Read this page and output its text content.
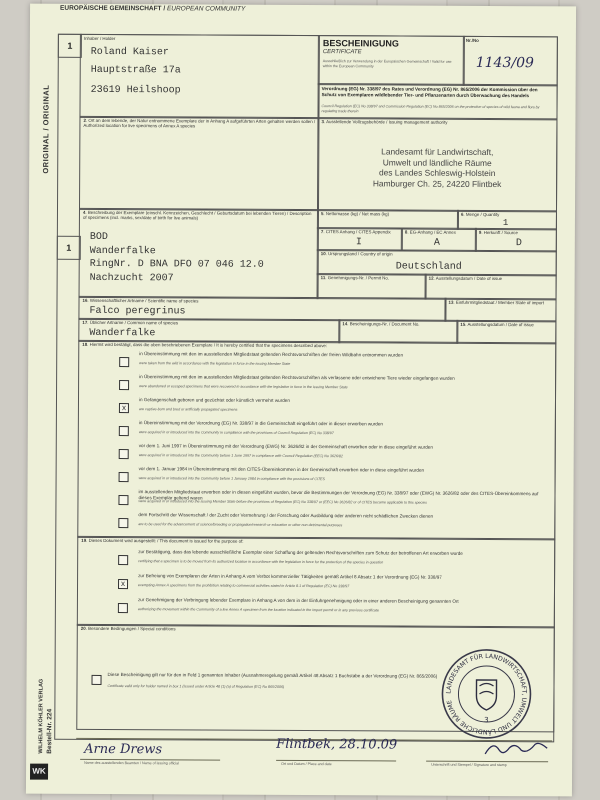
EUROPÄISCHE GEMEINSCHAFT / EUROPEAN COMMUNITY
1
1
ORIGINAL / ORIGINAL
Inhaber / Holder
Roland Kaiser
Hauptstraße 17a
23619 Heilshoop
BESCHEINIGUNG
CERTIFICATE
Ausschließlich zur Verwendung in der Europäischen Gemeinschaft / Valid for use within the European Community
Nr./No
1143/09
Verordnung (EG) Nr. 338/97 des Rates und Verordnung (EG) Nr. 865/2006 der Kommission über den Schutz von Exemplaren wildlebender Tier- und Pflanzenarten durch Überwachung des Handels
Council Regulation (EC) No 338/97 and Commission Regulation (EC) No 865/2006 on the protection of species of wild fauna and flora by regulating trade therein
2. Ort an dem lebende, der Natur entnommene Exemplare der in Anhang A aufgeführten Arten gehalten werden sollen / Authorized location for live specimens of Annex A species
3. Ausstellende Vollzugsbehörde / Issuing management authority
Landesamt für Landwirtschaft,
Umwelt und ländliche Räume
des Landes Schleswig-Holstein
Hamburger Ch. 25, 24220 Flintbek
4. Beschreibung der Exemplare (einschl. Kennzeichen, Geschlecht / Geburtsdatum bei lebenden Tieren) / Description of specimens (incl. marks, sex/date of birth for live animals)
BOD
Wanderfalke
RingNr. D BNA DFO 07 046 12.0
Nachzucht 2007
5. Nettomasse (kg) / Net mass (kg)	6. Menge / Quantity
1
7. CITES Anhang / CITES Appendix
I
8. EG-Anhang / EC Annex
A
9. Herkunft / Source
D
10. Ursprungsland / Country of origin
Deutschland
11. Genehmigungs-Nr. / Permit No.	12. Ausstellungsdatum / Date of issue
16. Wissenschaftlicher Artname / Scientific name of species
Falco peregrinus
13. Einfuhrmitgliedstaat / Member State of import
17. Üblicher Artname / Common name of species
Wanderfalke
14. Bescheinigungs-Nr. / Document No.	15. Ausstellungsdatum / Date of issue
18. Hiermit wird bestätigt, dass die oben beschriebenen Exemplare / It is hereby certified that the specimens described above:
in Übereinstimmung mit den im ausstellenden Mitgliedstaat geltenden Rechtsvorschriften der freien Wildbahn entnommen wurden
were taken from the wild in accordance with the legislation in force in the issuing Member State
in Übereinstimmung mit den im ausstellenden Mitgliedstaat geltenden Rechtsvorschriften als verlassene oder entwichene Tiere wieder eingefangen wurden
were abandoned or escaped specimens that were recovered in accordance with the legislation in force in the issuing Member State
x
in Gefangenschaft geboren und gezüchtet oder künstlich vermehrt wurden
are captive-born and bred or artificially propagated specimens
in Übereinstimmung mit der Verordnung (EG) Nr. 338/97 in die Gemeinschaft eingeführt oder in dieser erworben wurden
were acquired in or introduced into the Community in compliance with the provisions of Council Regulation (EC) No 338/97
vor dem 1. Juni 1997 in Übereinstimmung mit der Verordnung (EWG) Nr. 3626/82 in der Gemeinschaft erworben oder in diese eingeführt wurden
were acquired in or introduced into the Community before 1 June 1997 in compliance with Council Regulation (EEC) No 3626/82
vor dem 1. Januar 1984 in Übereinstimmung mit den CITES-Übereinkommen in der Gemeinschaft erworben oder in diese eingeführt wurden
were acquired in or introduced into the Community before 1 January 1984 in compliance with the provisions of CITES
im ausstellenden Mitgliedstaat erworben oder in diesen eingeführt wurden, bevor die Bestimmungen der Verordnung (EG) Nr. 338/97 oder (EWG) Nr. 3626/82 oder des CITES-Übereinkommens auf dieses Exemplar geltend waren
were acquired in or introduced into the issuing Member State before the provisions of Regulation (EC) No 338/97 or (EEC) No 3626/82 or of CITES became applicable to this species
dem Fortschritt der Wissenschaft / der Zucht oder Vermehrung / der Forschung oder Ausbildung oder anderen nicht schädlichen Zwecken dienen
are to be used for the advancement of science/breeding or propagation/research or education or other non-detrimental purposes
19. Dieses Dokument wird ausgestellt: / This document is issued for the purpose of:
zur Bestätigung, dass das lebende ausschließliche Exemplar einer Schaffung der geltenden Rechtsvorschriften zum Schutz der betroffenen Art erworben wurde
certifying that a specimen is to be moved from its authorized location in accordance with the legislation in force for the protection of the species in question
x
zur Befreiung von Exemplaren der Arten in Anhang A vom Verbot kommerzieller Tätigkeiten gemäß Artikel 8 Absatz 1 der Verordnung (EG) Nr. 338/97
exempting Annex A specimens from the prohibition relating to commercial activities stated in Article 8.1 of Regulation (EC) No 338/97
zur Genehmigung der Verbringung lebender Exemplare in Anhang A von dem in der Einfuhrgenehmigung oder in einer anderen Bescheinigung genannten Ort
authorizing the movement within the Community of a live Annex A specimen from the location indicated in the import permit or in any previous certificate
20. Besondere Bedingungen / Special conditions
Diese Bescheinigung gilt nur für den in Feld 1 genannten Inhaber (Ausnahmeregelung gemäß Artikel 48 Absatz 1 Buchstabe a der Verordnung (EG) Nr. 865/2006)
Certificate valid only for holder named in box 1 (issued under Article 48 (1) (a) of Regulation (EC) No 865/2006)
LANDESAMT FÜR LANDWIRTSCHAFT, UMWELT UND LÄNDLICHE RÄUME
3
Arne Drews
Name des ausstellenden Beamten / Name of issuing official
Flintbek, 28.10.09
Ort und Datum / Place and date	Unterschrift und Stempel / Signature and stamp
WK
WILHELM KÖHLER VERLAG Bestell-Nr. 224
